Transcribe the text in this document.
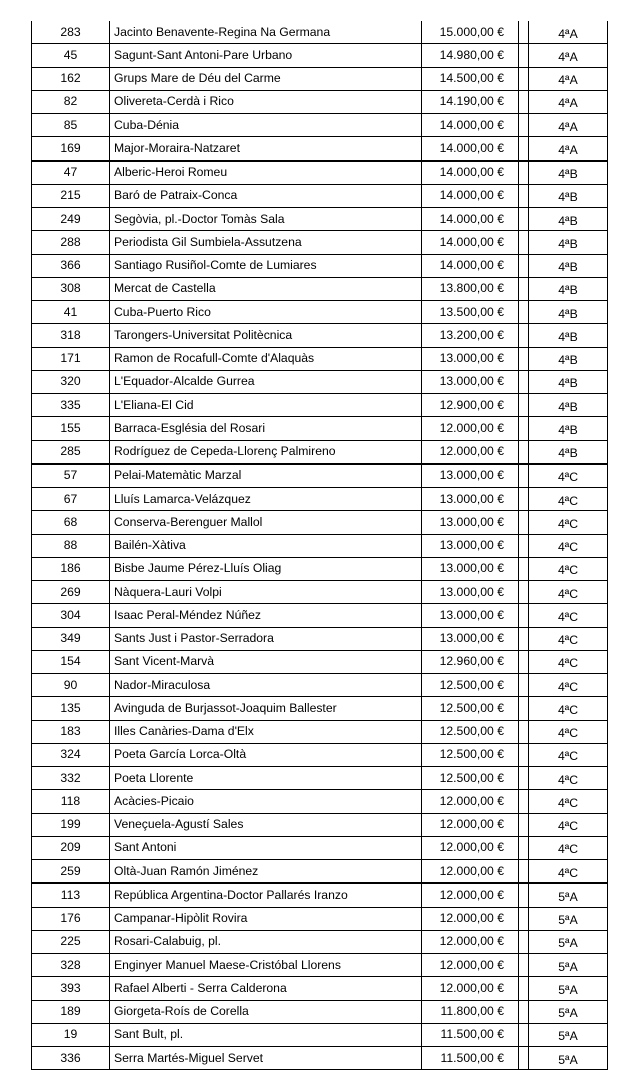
283	Jacinto Benavente-Regina Na Germana	15.000,00 €		4ªA
45	Sagunt-Sant Antoni-Pare Urbano	14.980,00 €		4ªA
162	Grups Mare de Déu del Carme	14.500,00 €		4ªA
82	Olivereta-Cerdà i Rico	14.190,00 €		4ªA
85	Cuba-Dénia	14.000,00 €		4ªA
169	Major-Moraira-Natzaret	14.000,00 €		4ªA
47	Alberic-Heroi Romeu	14.000,00 €		4ªB
215	Baró de Patraix-Conca	14.000,00 €		4ªB
249	Segòvia, pl.-Doctor Tomàs Sala	14.000,00 €		4ªB
288	Periodista Gil Sumbiela-Assutzena	14.000,00 €		4ªB
366	Santiago Rusiñol-Comte de Lumiares	14.000,00 €		4ªB
308	Mercat de Castella	13.800,00 €		4ªB
41	Cuba-Puerto Rico	13.500,00 €		4ªB
318	Tarongers-Universitat Politècnica	13.200,00 €		4ªB
171	Ramon de Rocafull-Comte d'Alaquàs	13.000,00 €		4ªB
320	L'Equador-Alcalde Gurrea	13.000,00 €		4ªB
335	L'Eliana-El Cid	12.900,00 €		4ªB
155	Barraca-Església del Rosari	12.000,00 €		4ªB
285	Rodríguez de Cepeda-Llorenç Palmireno	12.000,00 €		4ªB
57	Pelai-Matemàtic Marzal	13.000,00 €		4ªC
67	Lluís Lamarca-Velázquez	13.000,00 €		4ªC
68	Conserva-Berenguer Mallol	13.000,00 €		4ªC
88	Bailén-Xàtiva	13.000,00 €		4ªC
186	Bisbe Jaume Pérez-Lluís Oliag	13.000,00 €		4ªC
269	Nàquera-Lauri Volpi	13.000,00 €		4ªC
304	Isaac Peral-Méndez Núñez	13.000,00 €		4ªC
349	Sants Just i Pastor-Serradora	13.000,00 €		4ªC
154	Sant Vicent-Marvà	12.960,00 €		4ªC
90	Nador-Miraculosa	12.500,00 €		4ªC
135	Avinguda de Burjassot-Joaquim Ballester	12.500,00 €		4ªC
183	Illes Canàries-Dama d'Elx	12.500,00 €		4ªC
324	Poeta García Lorca-Oltà	12.500,00 €		4ªC
332	Poeta Llorente	12.500,00 €		4ªC
118	Acàcies-Picaio	12.000,00 €		4ªC
199	Veneçuela-Agustí Sales	12.000,00 €		4ªC
209	Sant Antoni	12.000,00 €		4ªC
259	Oltà-Juan Ramón Jiménez	12.000,00 €		4ªC
113	República Argentina-Doctor Pallarés Iranzo	12.000,00 €		5ªA
176	Campanar-Hipòlit Rovira	12.000,00 €		5ªA
225	Rosari-Calabuig, pl.	12.000,00 €		5ªA
328	Enginyer Manuel Maese-Cristóbal Llorens	12.000,00 €		5ªA
393	Rafael Alberti - Serra Calderona	12.000,00 €		5ªA
189	Giorgeta-Roís de Corella	11.800,00 €		5ªA
19	Sant Bult, pl.	11.500,00 €		5ªA
336	Serra Martés-Miguel Servet	11.500,00 €		5ªA
